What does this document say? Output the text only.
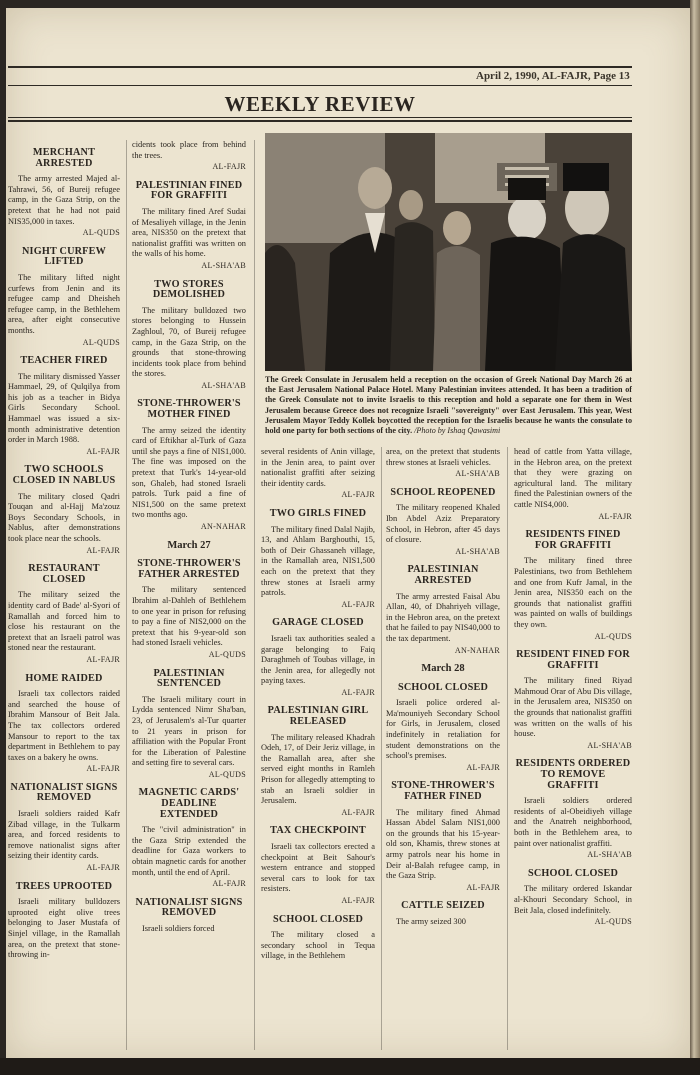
April 2, 1990, AL-FAJR, Page 13
WEEKLY REVIEW
The Greek Consulate in Jerusalem held a reception on the occasion of Greek National Day March 26 at the East Jerusalem National Palace Hotel. Many Palestinian invitees attended. It has been a tradition of the Greek Consulate not to invite Israelis to this reception and hold a separate one for them in West Jerusalem because Greece does not recognize Israeli "sovereignty" over East Jerusalem. This year, West Jerusalem Mayor Teddy Kollek boycotted the reception for the Israelis because he wants the consulate to hold one party for both sections of the city. /Photo by Ishaq Qawasimi
MERCHANT ARRESTED

The army arrested Majed al-Tahrawi, 56, of Bureij refugee camp, in the Gaza Strip, on the pretext that he had not paid NIS35,000 in taxes.

AL-QUDS
NIGHT CURFEW LIFTED

The military lifted night curfews from Jenin and its refugee camp and Dheisheh refugee camp, in the Bethlehem area, after eight consecutive months.

AL-QUDS
TEACHER FIRED

The military dismissed Yasser Hammael, 29, of Qulqilya from his job as a teacher in Bidya Girls Secondary School. Hammael was issued a six-month administrative detention order in March 1988.

AL-FAJR
TWO SCHOOLS CLOSED IN NABLUS

The military closed Qadri Touqan and al-Hajj Ma'zouz Boys Secondary Schools, in Nablus, after demonstrations took place near the schools.

AL-FAJR
RESTAURANT CLOSED

The military seized the identity card of Bade' al-Syori of Ramallah and forced him to close his restaurant on the pretext that an Israeli patrol was stoned near the restaurant.

AL-FAJR
HOME RAIDED

Israeli tax collectors raided and searched the house of Ibrahim Mansour of Beit Jala. The tax collectors ordered Mansour to report to the tax department in Bethlehem to pay taxes on a bakery he owns.

AL-FAJR
NATIONALIST SIGNS REMOVED

Israeli soldiers raided Kafr Zibad village, in the Tulkarm area, and forced residents to remove nationalist signs after seizing their identity cards.

AL-FAJR
TREES UPROOTED

Israeli military bulldozers uprooted eight olive trees belonging to Jaser Mustafa of Sinjel village, in the Ramallah area, on the pretext that stone-throwing in-

cidents took place from behind the trees.

AL-FAJR
PALESTINIAN FINED FOR GRAFFITI

The military fined Aref Sudai of Mesaliyeh village, in the Jenin area, NIS350 on the pretext that nationalist graffiti was written on the walls of his home.

AL-SHA'AB
TWO STORES DEMOLISHED

The military bulldozed two stores belonging to Hussein Zaghloul, 70, of Bureij refugee camp, in the Gaza Strip, on the grounds that stone-throwing incidents took place from behind the stores.

AL-SHA'AB
STONE-THROWER'S MOTHER FINED

The army seized the identity card of Eftikhar al-Turk of Gaza until she pays a fine of NIS1,000. The fine was imposed on the pretext that Turk's 14-year-old son, Ghaleb, had stoned Israeli patrols. Turk paid a fine of NIS1,500 on the same pretext two months ago.

AN-NAHAR
March 27
STONE-THROWER'S FATHER ARRESTED

The military sentenced Ibrahim al-Dahleh of Bethlehem to one year in prison for refusing to pay a fine of NIS2,000 on the pretext that his 9-year-old son had stoned Israeli vehicles.

AL-QUDS
PALESTINIAN SENTENCED

The Israeli military court in Lydda sentenced Nimr Sha'ban, 23, of Jerusalem's al-Tur quarter to 21 years in prison for affiliation with the Popular Front for the Liberation of Palestine and setting fire to several cars.

AL-QUDS
MAGNETIC CARDS' DEADLINE EXTENDED

The "civil administration" in the Gaza Strip extended the deadline for Gaza workers to obtain magnetic cards for another month, until the end of April.

AL-FAJR
NATIONALIST SIGNS REMOVED

Israeli soldiers forced

several residents of Anin village, in the Jenin area, to paint over nationalist graffiti after seizing their identity cards.

AL-FAJR
TWO GIRLS FINED

The military fined Dalal Najib, 13, and Ahlam Barghouthi, 15, both of Deir Ghassaneh village, in the Ramallah area, NIS1,500 each on the pretext that they threw stones at Israeli army patrols.

AL-FAJR
GARAGE CLOSED

Israeli tax authorities sealed a garage belonging to Faiq Daraghmeh of Toubas village, in the Jenin area, for allegedly not paying taxes.

AL-FAJR
PALESTINIAN GIRL RELEASED

The military released Khadrah Odeh, 17, of Deir Jeriz village, in the Ramallah area, after she served eight months in Ramleh Prison for allegedly attempting to stab an Israeli soldier in Jerusalem.

AL-FAJR
TAX CHECKPOINT

Israeli tax collectors erected a checkpoint at Beit Sahour's western entrance and stopped several cars to look for tax resisters.

AL-FAJR
SCHOOL CLOSED

The military closed a secondary school in Tequa village, in the Bethlehem

area, on the pretext that students threw stones at Israeli vehicles.

AL-SHA'AB
SCHOOL REOPENED

The military reopened Khaled Ibn Abdel Aziz Preparatory School, in Hebron, after 45 days of closure.

AL-SHA'AB
PALESTINIAN ARRESTED

The army arrested Faisal Abu Allan, 40, of Dhahriyeh village, in the Hebron area, on the pretext that he failed to pay NIS40,000 to the tax department.

AN-NAHAR
March 28
SCHOOL CLOSED

Israeli police ordered al-Ma'mouniyeh Secondary School for Girls, in Jerusalem, closed indefinitely in retaliation for student demonstrations on the school's premises.

AL-FAJR
STONE-THROWER'S FATHER FINED

The military fined Ahmad Hassan Abdel Salam NIS1,000 on the grounds that his 15-year-old son, Khamis, threw stones at army patrols near his home in Deir al-Balah refugee camp, in the Gaza Strip.

AL-FAJR
CATTLE SEIZED

The army seized 300

head of cattle from Yatta village, in the Hebron area, on the pretext that they were grazing on agricultural land. The military fined the Palestinian owners of the cattle NIS4,000.

AL-FAJR
RESIDENTS FINED FOR GRAFFITI

The military fined three Palestinians, two from Bethlehem and one from Kufr Jamal, in the Jenin area, NIS350 each on the grounds that nationalist graffiti was painted on walls of buildings they own.

AL-QUDS
RESIDENT FINED FOR GRAFFITI

The military fined Riyad Mahmoud Orar of Abu Dis village, in the Jerusalem area, NIS350 on the grounds that nationalist graffiti was written on the walls of his house.

AL-SHA'AB
RESIDENTS ORDERED TO REMOVE GRAFFITI

Israeli soldiers ordered residents of al-Obeidiyeh village and the Anatreh neighborhood, both in the Bethlehem area, to paint over nationalist graffiti.

AL-SHA'AB
SCHOOL CLOSED

The military ordered Iskandar al-Khouri Secondary School, in Beit Jala, closed indefinitely.

AL-QUDS
